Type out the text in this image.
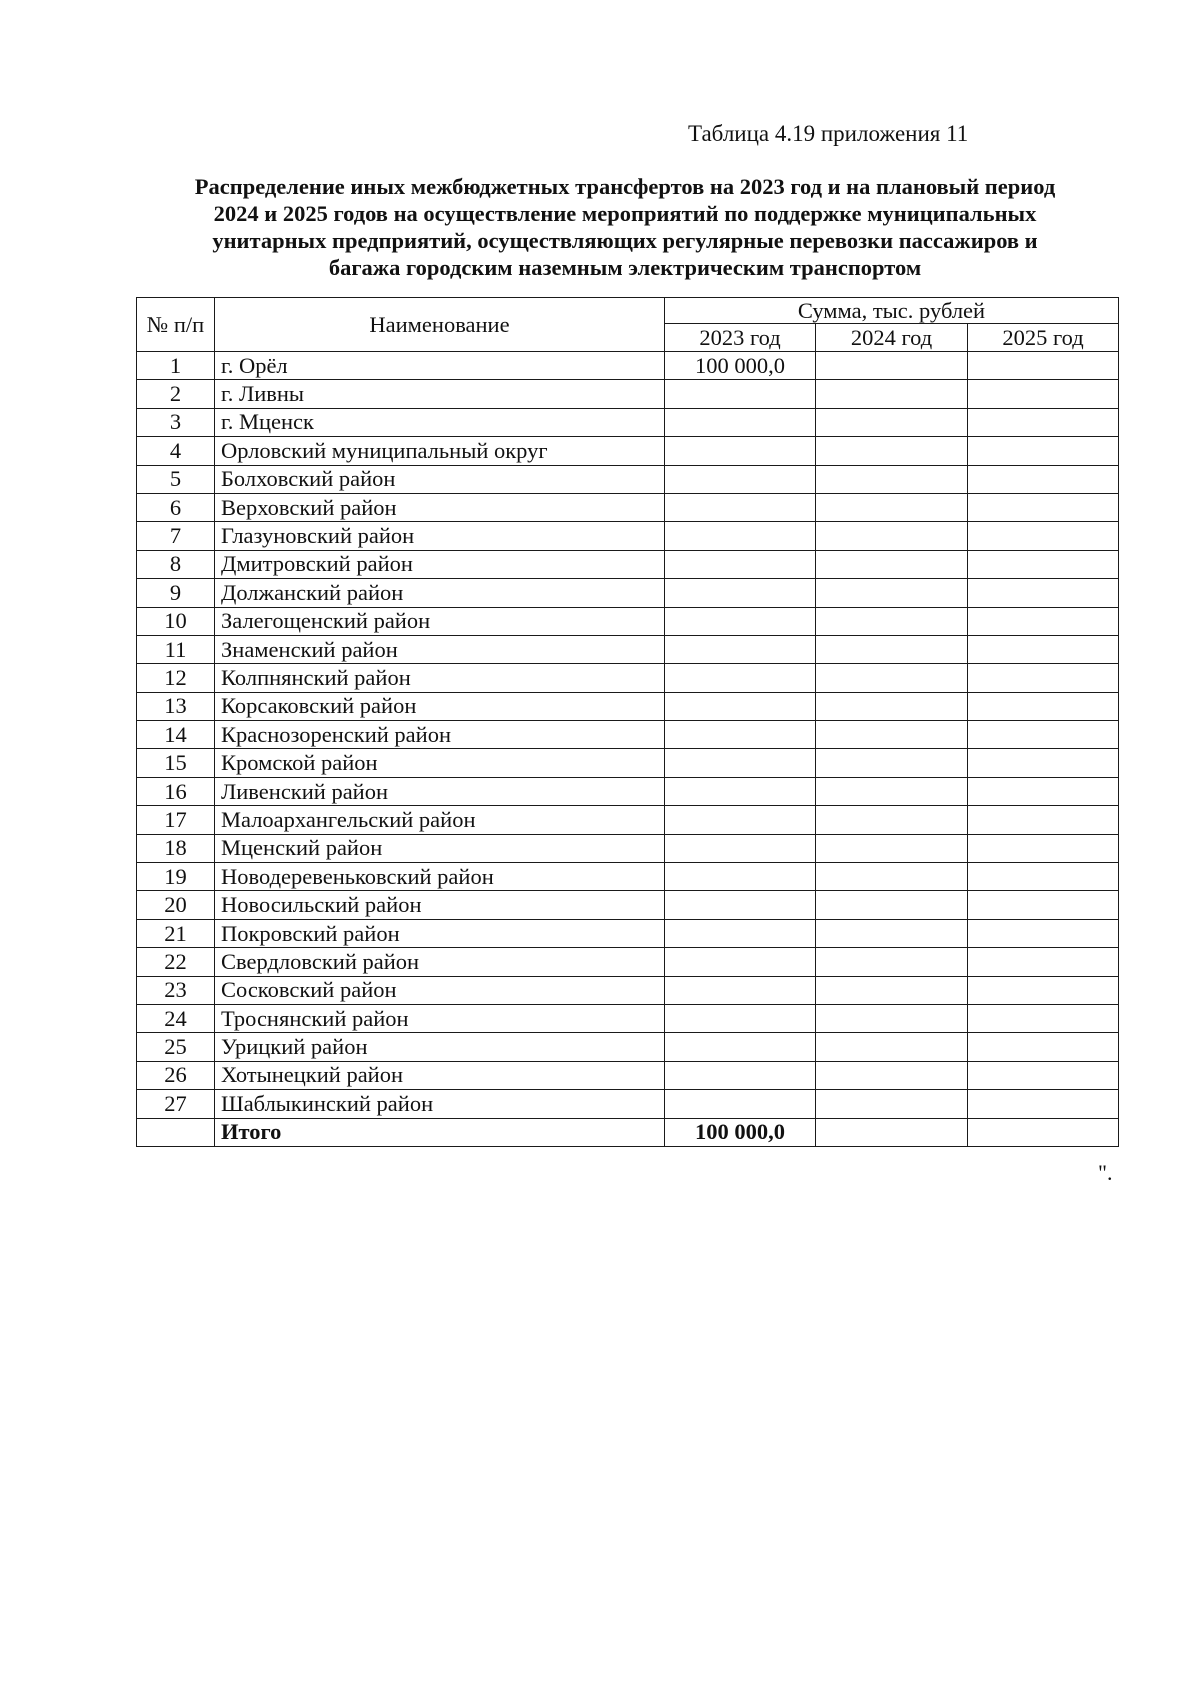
Таблица 4.19 приложения 11
Распределение иных межбюджетных трансфертов на 2023 год и на плановый период
2024 и 2025 годов на осуществление мероприятий по поддержке муниципальных
унитарных предприятий, осуществляющих регулярные перевозки пассажиров и
багажа городским наземным электрическим транспортом
№ п/п	Наименование	Сумма, тыс. рублей		
		2023 год	2024 год	2025 год
1	г. Орёл	100 000,0		
2	г. Ливны			
3	г. Мценск			
4	Орловский муниципальный округ			
5	Болховский район			
6	Верховский район			
7	Глазуновский район			
8	Дмитровский район			
9	Должанский район			
10	Залегощенский район			
11	Знаменский район			
12	Колпнянский район			
13	Корсаковский район			
14	Краснозоренский район			
15	Кромской район			
16	Ливенский район			
17	Малоархангельский район			
18	Мценский район			
19	Новодеревеньковский район			
20	Новосильский район			
21	Покровский район			
22	Свердловский район			
23	Сосковский район			
24	Троснянский район			
25	Урицкий район			
26	Хотынецкий район			
27	Шаблыкинский район			
	Итого	100 000,0		
".
